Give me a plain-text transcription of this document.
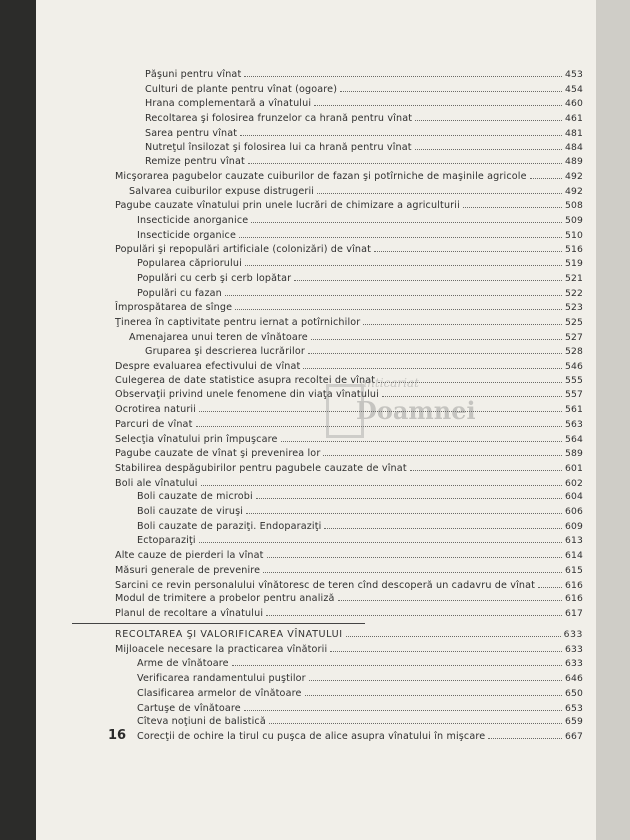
Păşuni pentru vînat	453
Culturi de plante pentru vînat (ogoare)	454
Hrana complementară a vînatului	460
Recoltarea şi folosirea frunzelor ca hrană pentru vînat	461
Sarea pentru vînat	481
Nutreţul însilozat şi folosirea lui ca hrană pentru vînat	484
Remize pentru vînat	489
Micşorarea pagubelor cauzate cuiburilor de fazan şi potîrniche de maşinile agricole	492
Salvarea cuiburilor expuse distrugerii	492
Pagube cauzate vînatului prin unele lucrări de chimizare a agriculturii	508
Insecticide anorganice	509
Insecticide organice	510
Populări şi repopulări artificiale (colonizări) de vînat	516
Popularea căpriorului	519
Populări cu cerb şi cerb lopătar	521
Populări cu fazan	522
Împrospătarea de sînge	523
Ţinerea în captivitate pentru iernat a potîrnichilor	525
Amenajarea unui teren de vînătoare	527
Gruparea şi descrierea lucrărilor	528
Despre evaluarea efectivului de vînat	546
Culegerea de date statistice asupra recoltei de vînat	555
Observaţii privind unele fenomene din viaţa vînatului	557
Ocrotirea naturii	561
Parcuri de vînat	563
Selecţia vînatului prin împuşcare	564
Pagube cauzate de vînat şi prevenirea lor	589
Stabilirea despăgubirilor pentru pagubele cauzate de vînat	601
Boli ale vînatului	602
Boli cauzate de microbi	604
Boli cauzate de viruşi	606
Boli cauzate de paraziţi. Endoparaziţi	609
Ectoparaziţi	613
Alte cauze de pierderi la vînat	614
Măsuri generale de prevenire	615
Sarcini ce revin personalului vînătoresc de teren cînd descoperă un cadavru de vînat	616
Modul de trimitere a probelor pentru analiză	616
Planul de recoltare a vînatului	617
RECOLTAREA ŞI VALORIFICAREA VÎNATULUI	633
Mijloacele necesare la practicarea vînătorii	633
Arme de vînătoare	633
Verificarea randamentului puştilor	646
Clasificarea armelor de vînătoare	650
Cartuşe de vînătoare	653
Cîteva noţiuni de balistică	659
Corecţii de ochire la tirul cu puşca de alice asupra vînatului în mişcare	667
16
anticariat
Doamnei
